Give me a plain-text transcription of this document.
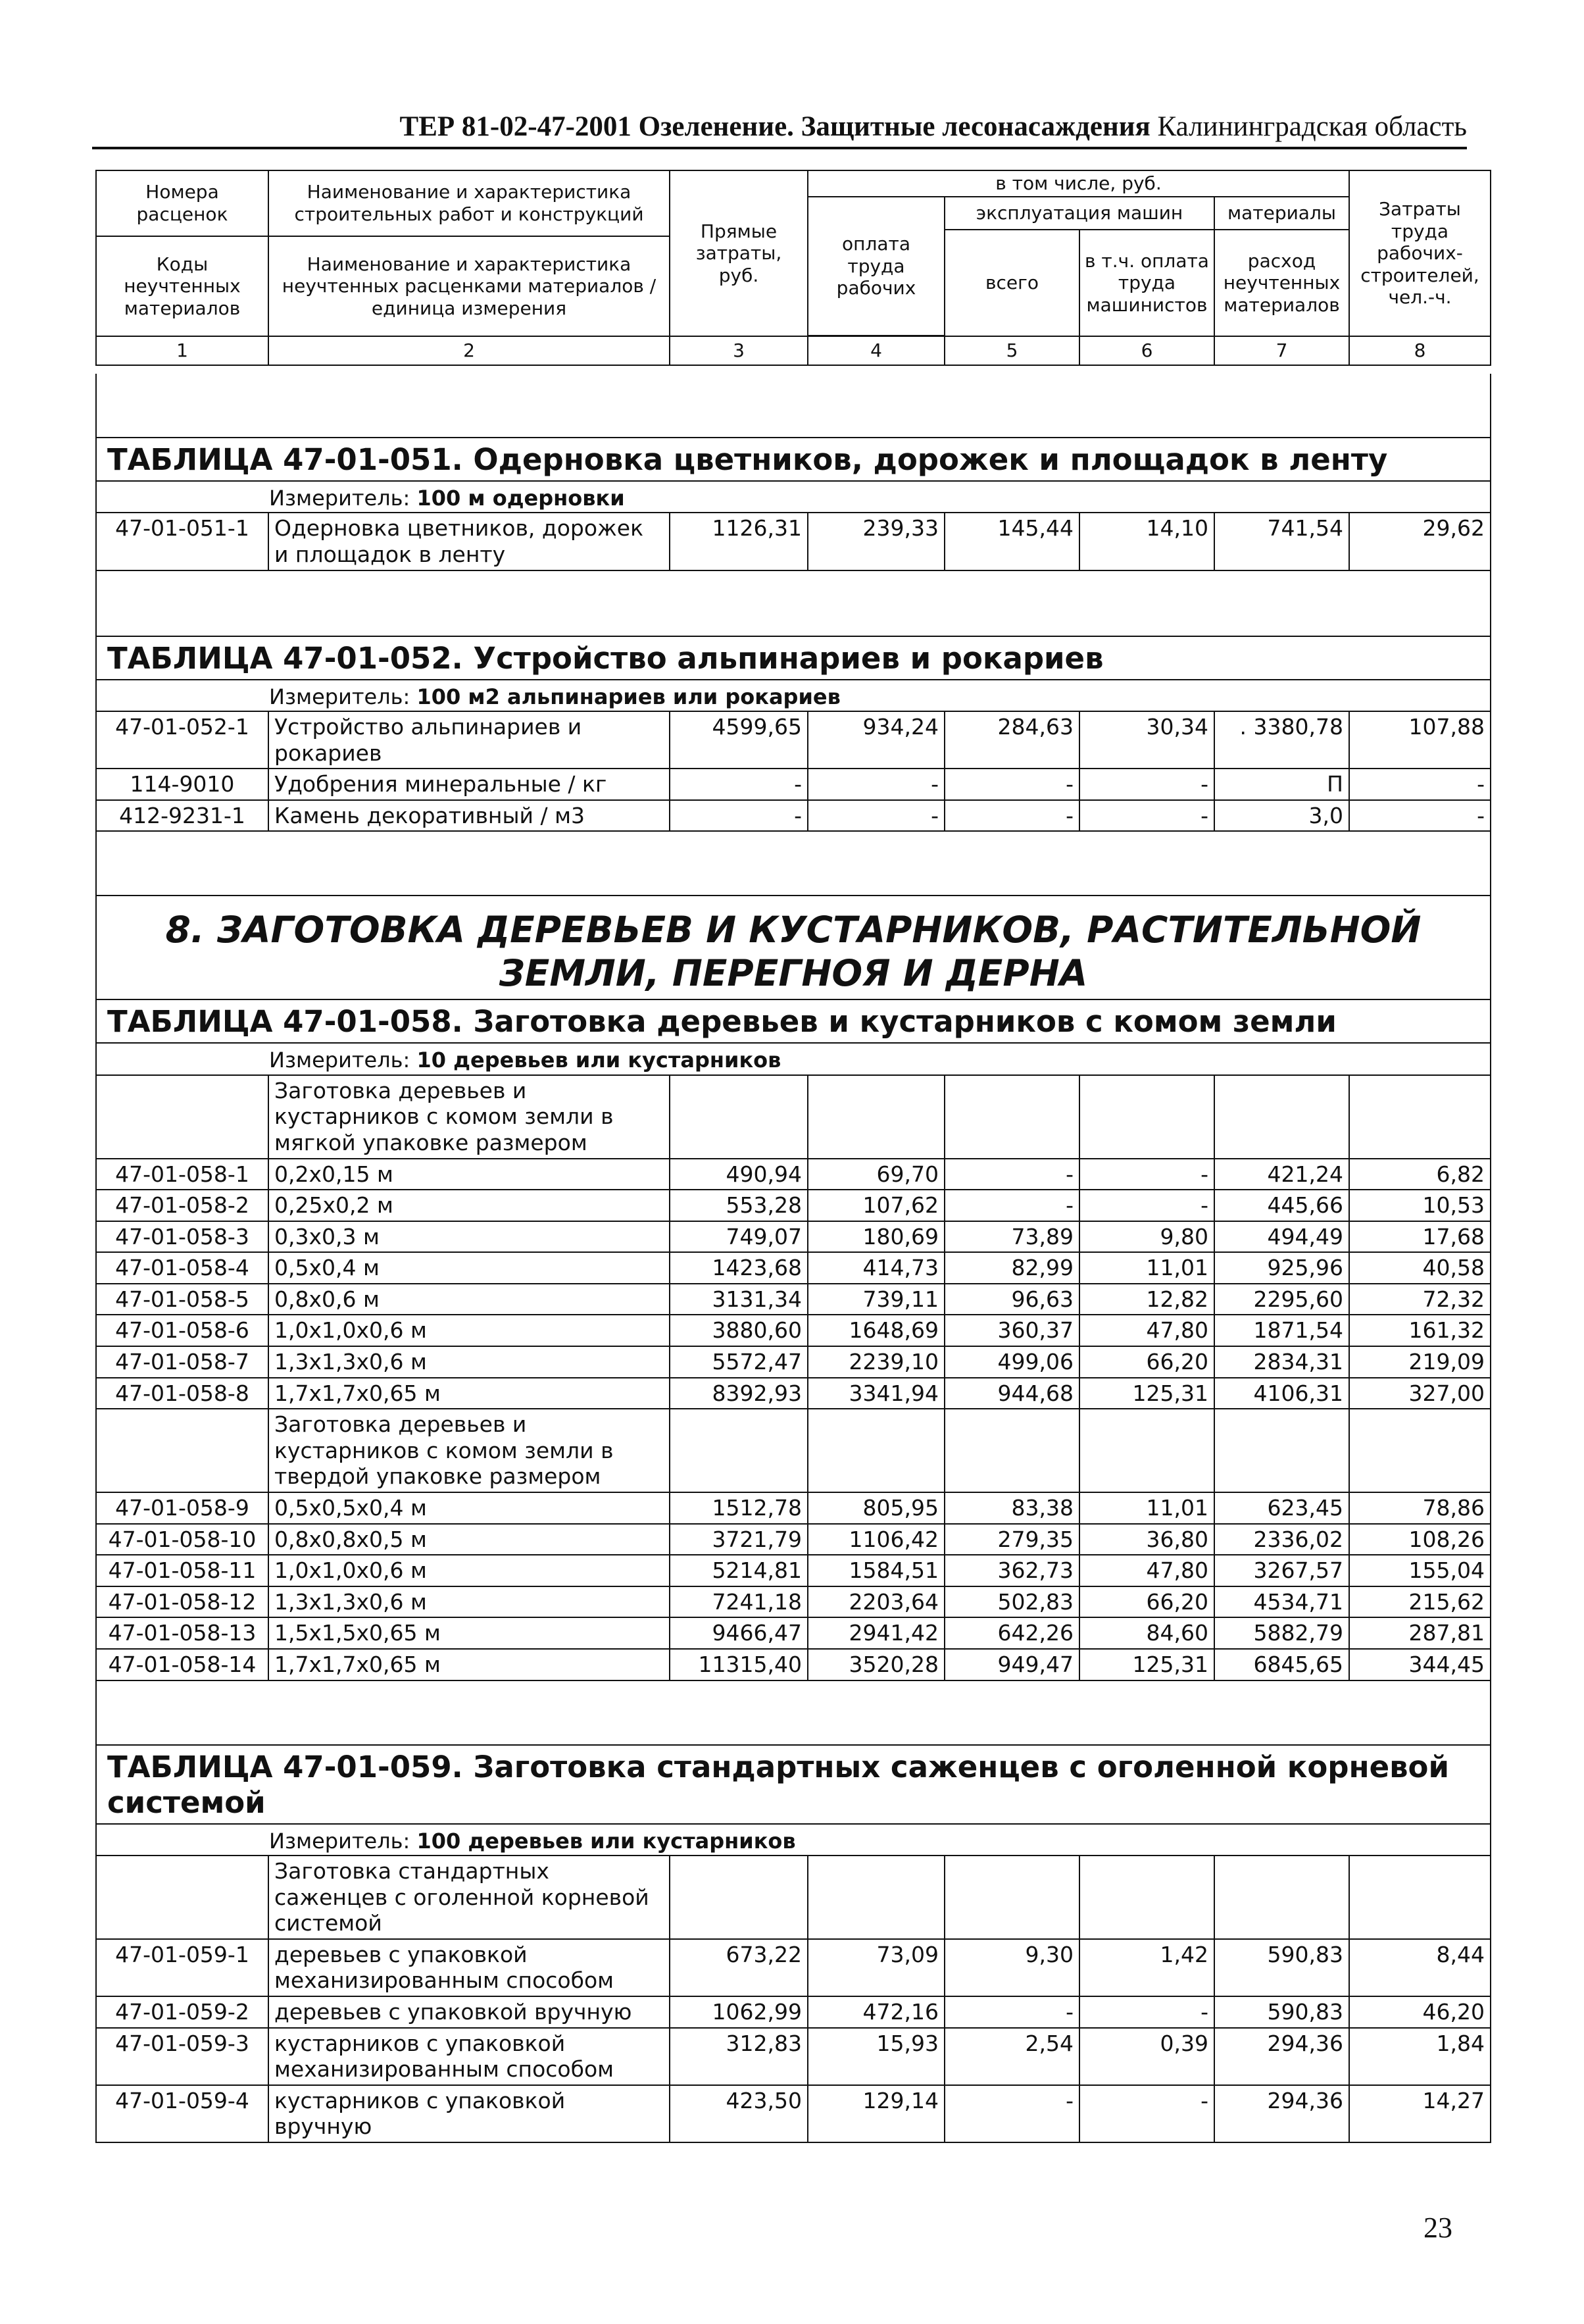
ТЕР 81-02-47-2001 Озеленение. Защитные лесонасаждения Калининградская область
Номера расценок	Наименование и характеристика строительных работ и конструкций	Прямые затраты, руб.	в том числе, руб.				Затраты труда рабочих-строителей, чел.-ч.
			оплата труда рабочих	эксплуатация машин		материалы	
				всего	в т.ч. оплата труда машинистов	расход неучтенных материалов	
Коды неучтенных материалов	Наименование и характеристика неучтенных расценками материалов / единица измерения						

1	2	3	4	5	6	7	8

ТАБЛИЦА 47-01-051. Одерновка цветников, дорожек и площадок в ленту							
Измеритель: 100 м одерновки							
47-01-051-1	Одерновка цветников, дорожек и площадок в ленту	1126,31	239,33	145,44	14,10	741,54	29,62

ТАБЛИЦА 47-01-052. Устройство альпинариев и рокариев							
Измеритель: 100 м2 альпинариев или рокариев							
47-01-052-1	Устройство альпинариев и рокариев	4599,65	934,24	284,63	30,34	. 3380,78	107,88
114-9010	Удобрения минеральные / кг	-	-	-	-	П	-
412-9231-1	Камень декоративный / м3	-	-	-	-	3,0	-

8. ЗАГОТОВКА ДЕРЕВЬЕВ И КУСТАРНИКОВ, РАСТИТЕЛЬНОЙ ЗЕМЛИ, ПЕРЕГНОЯ И ДЕРНА							
ТАБЛИЦА 47-01-058. Заготовка деревьев и кустарников с комом земли							
Измеритель: 10 деревьев или кустарников							
	Заготовка деревьев и кустарников с комом земли в мягкой упаковке размером						
47-01-058-1	0,2х0,15 м	490,94	69,70	-	-	421,24	6,82
47-01-058-2	0,25х0,2 м	553,28	107,62	-	-	445,66	10,53
47-01-058-3	0,3х0,3 м	749,07	180,69	73,89	9,80	494,49	17,68
47-01-058-4	0,5х0,4 м	1423,68	414,73	82,99	11,01	925,96	40,58
47-01-058-5	0,8х0,6 м	3131,34	739,11	96,63	12,82	2295,60	72,32
47-01-058-6	1,0х1,0х0,6 м	3880,60	1648,69	360,37	47,80	1871,54	161,32
47-01-058-7	1,3х1,3х0,6 м	5572,47	2239,10	499,06	66,20	2834,31	219,09
47-01-058-8	1,7х1,7х0,65 м	8392,93	3341,94	944,68	125,31	4106,31	327,00
	Заготовка деревьев и кустарников с комом земли в твердой упаковке размером						
47-01-058-9	0,5х0,5х0,4 м	1512,78	805,95	83,38	11,01	623,45	78,86
47-01-058-10	0,8х0,8х0,5 м	3721,79	1106,42	279,35	36,80	2336,02	108,26
47-01-058-11	1,0х1,0х0,6 м	5214,81	1584,51	362,73	47,80	3267,57	155,04
47-01-058-12	1,3х1,3х0,6 м	7241,18	2203,64	502,83	66,20	4534,71	215,62
47-01-058-13	1,5х1,5х0,65 м	9466,47	2941,42	642,26	84,60	5882,79	287,81
47-01-058-14	1,7х1,7х0,65 м	11315,40	3520,28	949,47	125,31	6845,65	344,45

ТАБЛИЦА 47-01-059. Заготовка стандартных саженцев с оголенной корневой системой							
Измеритель: 100 деревьев или кустарников							
	Заготовка стандартных саженцев с оголенной корневой системой						
47-01-059-1	деревьев с упаковкой механизированным способом	673,22	73,09	9,30	1,42	590,83	8,44
47-01-059-2	деревьев с упаковкой вручную	1062,99	472,16	-	-	590,83	46,20
47-01-059-3	кустарников с упаковкой механизированным способом	312,83	15,93	2,54	0,39	294,36	1,84
47-01-059-4	кустарников с упаковкой вручную	423,50	129,14	-	-	294,36	14,27
23
